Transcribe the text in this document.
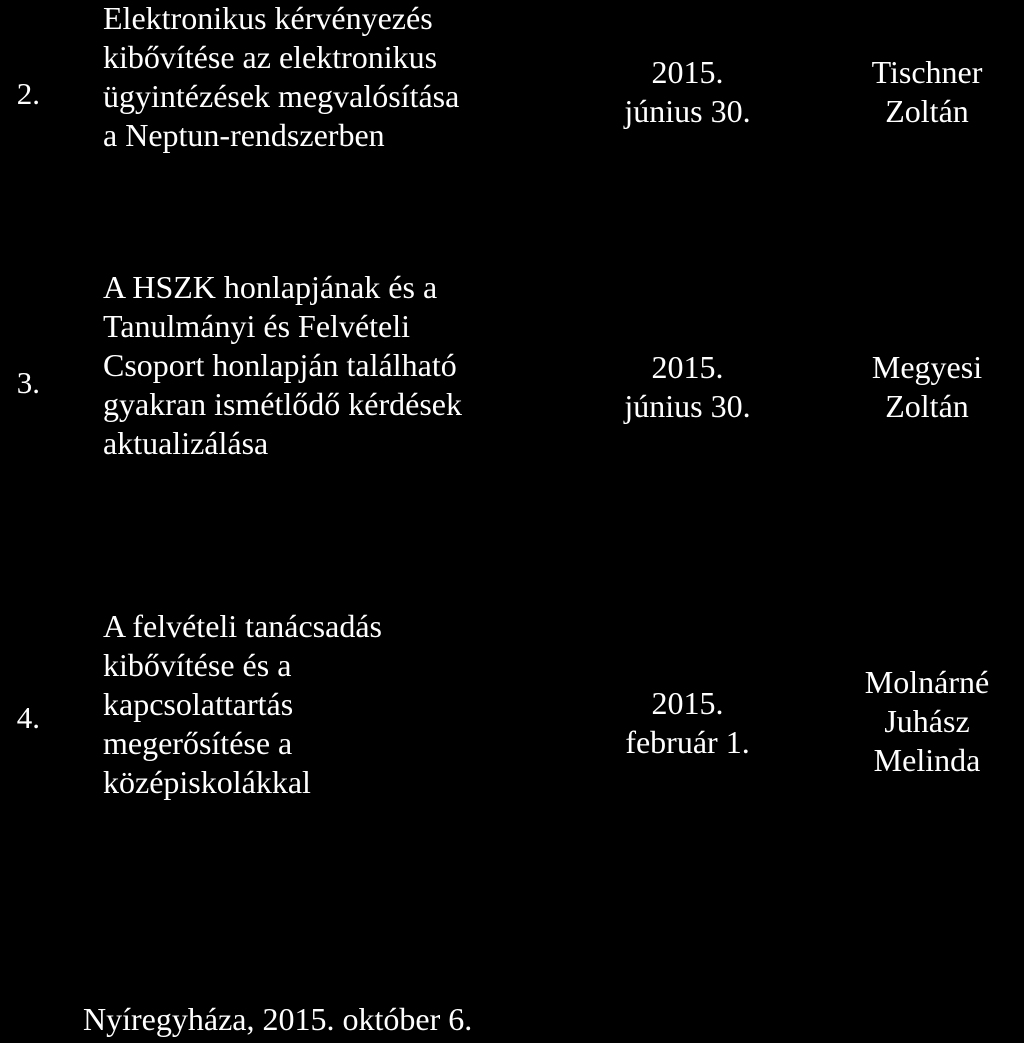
2.
Elektronikus kérvényezés
kibővítése az elektronikus
ügyintézések megvalósítása
a Neptun-rendszerben
2015.
június 30.
Tischner
Zoltán
3.
A HSZK honlapjának és a
Tanulmányi és Felvételi
Csoport honlapján található
gyakran ismétlődő kérdések
aktualizálása
2015.
június 30.
Megyesi
Zoltán
4.
A felvételi tanácsadás
kibővítése és a
kapcsolattartás
megerősítése a
középiskolákkal
2015.
február 1.
Molnárné
Juhász
Melinda
Nyíregyháza, 2015. október 6.
